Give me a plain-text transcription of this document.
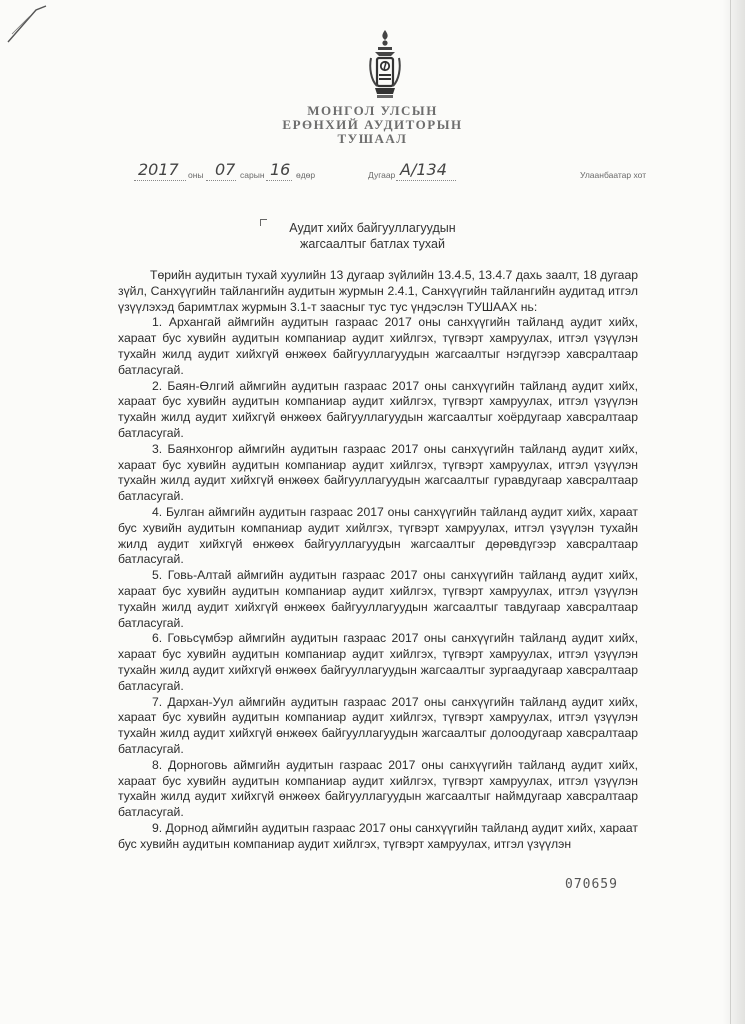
МОНГОЛ УЛСЫН
ЕРӨНХИЙ АУДИТОРЫН
ТУШААЛ
2017 оны 07 сарын 16 өдөр	Дугаар А/134	Улаанбаатар хот
Аудит хийх байгууллагуудын
жагсаалтыг батлах тухай

Төрийн аудитын тухай хуулийн 13 дугаар зүйлийн 13.4.5, 13.4.7 дахь заалт, 18 дугаар зүйл, Санхүүгийн тайлангийн аудитын журмын 2.4.1, Санхүүгийн тайлангийн аудитад итгэл үзүүлэхэд баримтлах журмын 3.1-т заасныг тус тус үндэслэн ТУШААХ нь:

1. Архангай аймгийн аудитын газраас 2017 оны санхүүгийн тайланд аудит хийх, хараат бус хувийн аудитын компаниар аудит хийлгэх, түгвэрт хамруулах, итгэл үзүүлэн тухайн жилд аудит хийхгүй өнжөөх байгууллагуудын жагсаалтыг нэгдүгээр хавсралтаар батласугай.

2. Баян-Өлгий аймгийн аудитын газраас 2017 оны санхүүгийн тайланд аудит хийх, хараат бус хувийн аудитын компаниар аудит хийлгэх, түгвэрт хамруулах, итгэл үзүүлэн тухайн жилд аудит хийхгүй өнжөөх байгууллагуудын жагсаалтыг хоёрдугаар хавсралтаар батласугай.

3. Баянхонгор аймгийн аудитын газраас 2017 оны санхүүгийн тайланд аудит хийх, хараат бус хувийн аудитын компаниар аудит хийлгэх, түгвэрт хамруулах, итгэл үзүүлэн тухайн жилд аудит хийхгүй өнжөөх байгууллагуудын жагсаалтыг гуравдугаар хавсралтаар батласугай.

4. Булган аймгийн аудитын газраас 2017 оны санхүүгийн тайланд аудит хийх, хараат бус хувийн аудитын компаниар аудит хийлгэх, түгвэрт хамруулах, итгэл үзүүлэн тухайн жилд аудит хийхгүй өнжөөх байгууллагуудын жагсаалтыг дөрөвдүгээр хавсралтаар батласугай.

5. Говь-Алтай аймгийн аудитын газраас 2017 оны санхүүгийн тайланд аудит хийх, хараат бус хувийн аудитын компаниар аудит хийлгэх, түгвэрт хамруулах, итгэл үзүүлэн тухайн жилд аудит хийхгүй өнжөөх байгууллагуудын жагсаалтыг тавдугаар хавсралтаар батласугай.

6. Говьсүмбэр аймгийн аудитын газраас 2017 оны санхүүгийн тайланд аудит хийх, хараат бус хувийн аудитын компаниар аудит хийлгэх, түгвэрт хамруулах, итгэл үзүүлэн тухайн жилд аудит хийхгүй өнжөөх байгууллагуудын жагсаалтыг зургаадугаар хавсралтаар батласугай.

7. Дархан-Уул аймгийн аудитын газраас 2017 оны санхүүгийн тайланд аудит хийх, хараат бус хувийн аудитын компаниар аудит хийлгэх, түгвэрт хамруулах, итгэл үзүүлэн тухайн жилд аудит хийхгүй өнжөөх байгууллагуудын жагсаалтыг долоодугаар хавсралтаар батласугай.

8. Дорноговь аймгийн аудитын газраас 2017 оны санхүүгийн тайланд аудит хийх, хараат бус хувийн аудитын компаниар аудит хийлгэх, түгвэрт хамруулах, итгэл үзүүлэн тухайн жилд аудит хийхгүй өнжөөх байгууллагуудын жагсаалтыг наймдугаар хавсралтаар батласугай.

9. Дорнод аймгийн аудитын газраас 2017 оны санхүүгийн тайланд аудит хийх, хараат бус хувийн аудитын компаниар аудит хийлгэх, түгвэрт хамруулах, итгэл үзүүлэн

070659
